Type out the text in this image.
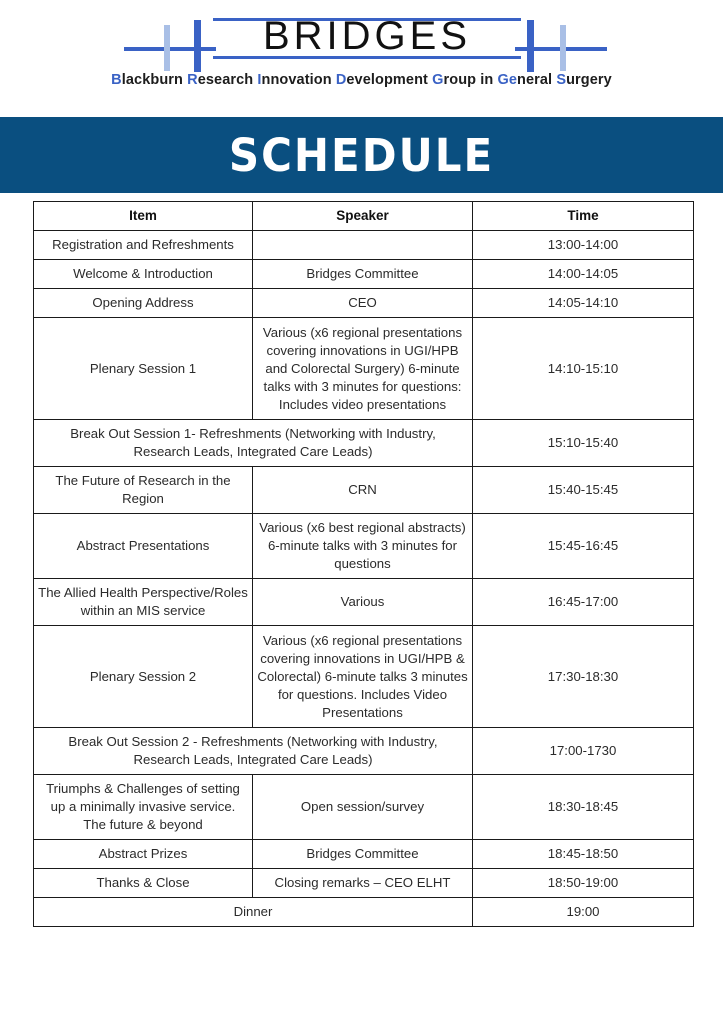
BRIDGES
Blackburn Research Innovation Development Group in General Surgery
SCHEDULE
Item	Speaker	Time
Registration and Refreshments		13:00-14:00
Welcome & Introduction	Bridges Committee	14:00-14:05
Opening Address	CEO	14:05-14:10
Plenary Session 1	Various (x6 regional presentations covering innovations in UGI/HPB and Colorectal Surgery) 6-minute talks with 3 minutes for questions: Includes video presentations	14:10-15:10
Break Out Session 1- Refreshments (Networking with Industry, Research Leads, Integrated Care Leads)		15:10-15:40
The Future of Research in the Region	CRN	15:40-15:45
Abstract Presentations	Various (x6 best regional abstracts) 6-minute talks with 3 minutes for questions	15:45-16:45
The Allied Health Perspective/Roles within an MIS service	Various	16:45-17:00
Plenary Session 2	Various (x6 regional presentations covering innovations in UGI/HPB & Colorectal) 6-minute talks 3 minutes for questions. Includes Video Presentations	17:30-18:30
Break Out Session 2 - Refreshments (Networking with Industry, Research Leads, Integrated Care Leads)		17:00-1730
Triumphs & Challenges of setting up a minimally invasive service. The future & beyond	Open session/survey	18:30-18:45
Abstract Prizes	Bridges Committee	18:45-18:50
Thanks & Close	Closing remarks – CEO ELHT	18:50-19:00
Dinner		19:00
